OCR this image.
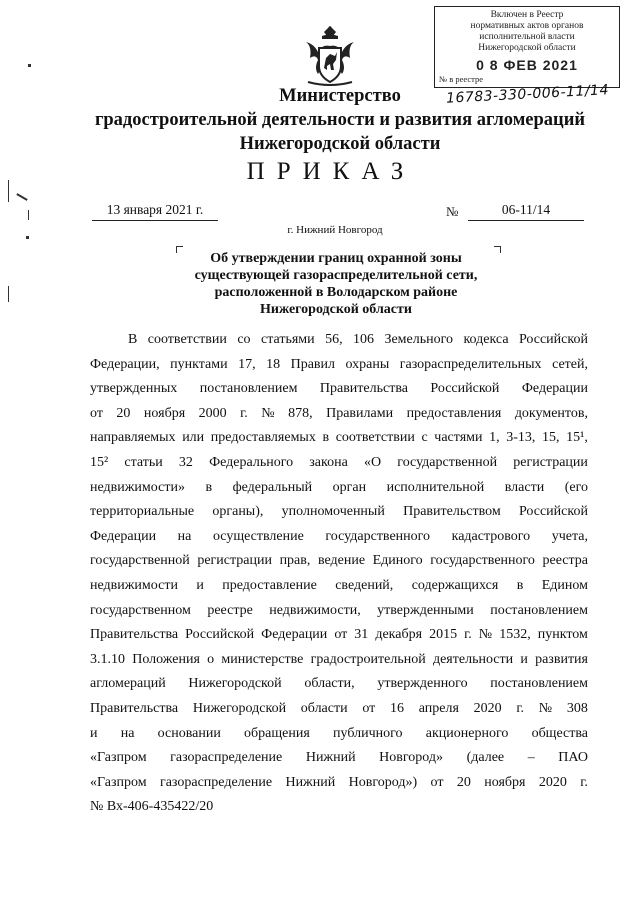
Включен в Реестр
нормативных актов органов
исполнительной власти
Нижегородской области
0 8 ФЕВ 2021
№ в реестре
16783-330-006-11/14
Министерство
градостроительной деятельности и развития агломераций
Нижегородской области
ПРИКАЗ
13 января 2021 г.	№	06-11/14
г. Нижний Новгород
Об утверждении границ охранной зоны
существующей газораспределительной сети,
расположенной в Володарском районе
Нижегородской области
В соответствии со статьями 56, 106 Земельного кодекса Российской
Федерации, пунктами 17, 18 Правил охраны газораспределительных сетей,
утвержденных постановлением Правительства Российской Федерации
от 20 ноября 2000 г. № 878, Правилами предоставления документов,
направляемых или предоставляемых в соответствии с частями 1, 3-13, 15, 15¹,
15² статьи 32 Федерального закона «О государственной регистрации
недвижимости» в федеральный орган исполнительной власти (его
территориальные органы), уполномоченный Правительством Российской
Федерации на осуществление государственного кадастрового учета,
государственной регистрации прав, ведение Единого государственного реестра
недвижимости и предоставление сведений, содержащихся в Едином
государственном реестре недвижимости, утвержденными постановлением
Правительства Российской Федерации от 31 декабря 2015 г. № 1532, пунктом
3.1.10 Положения о министерстве градостроительной деятельности и развития
агломераций Нижегородской области, утвержденного постановлением
Правительства Нижегородской области от 16 апреля 2020 г. № 308
и на основании обращения публичного акционерного общества
«Газпром газораспределение Нижний Новгород» (далее – ПАО
«Газпром газораспределение Нижний Новгород») от 20 ноября 2020 г.
№ Вх-406-435422/20
